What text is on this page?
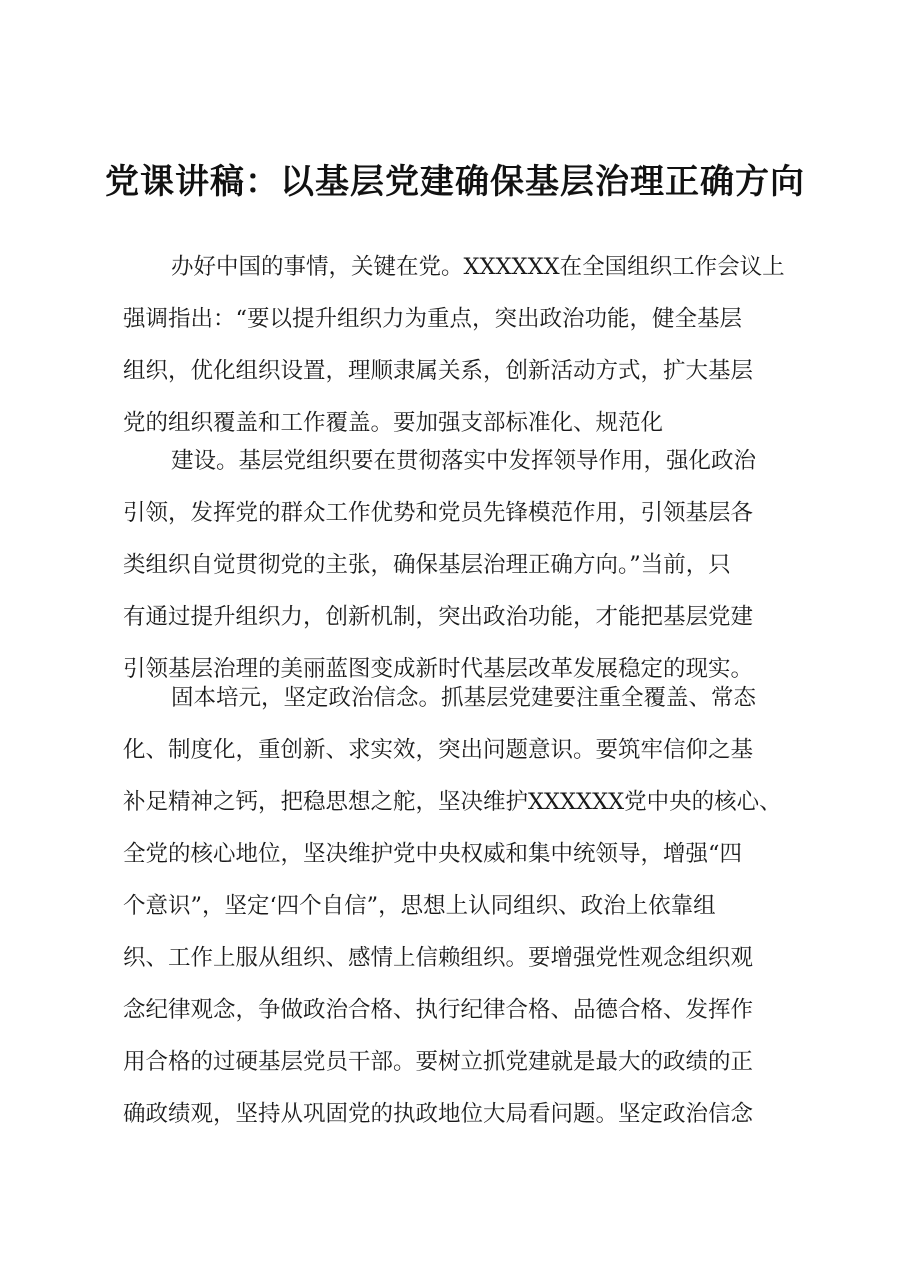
党课讲稿：以基层党建确保基层治理正确方向
办好中国的事情，关键在党。XXXXXX在全国组织工作会议上
强调指出：“要以提升组织力为重点，突出政治功能，健全基层
组织，优化组织设置，理顺隶属关系，创新活动方式，扩大基层
党的组织覆盖和工作覆盖。要加强支部标准化、规范化
建设。基层党组织要在贯彻落实中发挥领导作用，强化政治
引领，发挥党的群众工作优势和党员先锋模范作用，引领基层各
类组织自觉贯彻党的主张，确保基层治理正确方向。”当前，只
有通过提升组织力，创新机制，突出政治功能，才能把基层党建
引领基层治理的美丽蓝图变成新时代基层改革发展稳定的现实。
固本培元，坚定政治信念。抓基层党建要注重全覆盖、常态
化、制度化，重创新、求实效，突出问题意识。要筑牢信仰之基
补足精神之钙，把稳思想之舵，坚决维护XXXXXX党中央的核心、
全党的核心地位，坚决维护党中央权威和集中统领导，增强“四
个意识”，坚定‘四个自信”，思想上认同组织、政治上依靠组
织、工作上服从组织、感情上信赖组织。要增强党性观念组织观
念纪律观念，争做政治合格、执行纪律合格、品德合格、发挥作
用合格的过硬基层党员干部。要树立抓党建就是最大的政绩的正
确政绩观，坚持从巩固党的执政地位大局看问题。坚定政治信念
